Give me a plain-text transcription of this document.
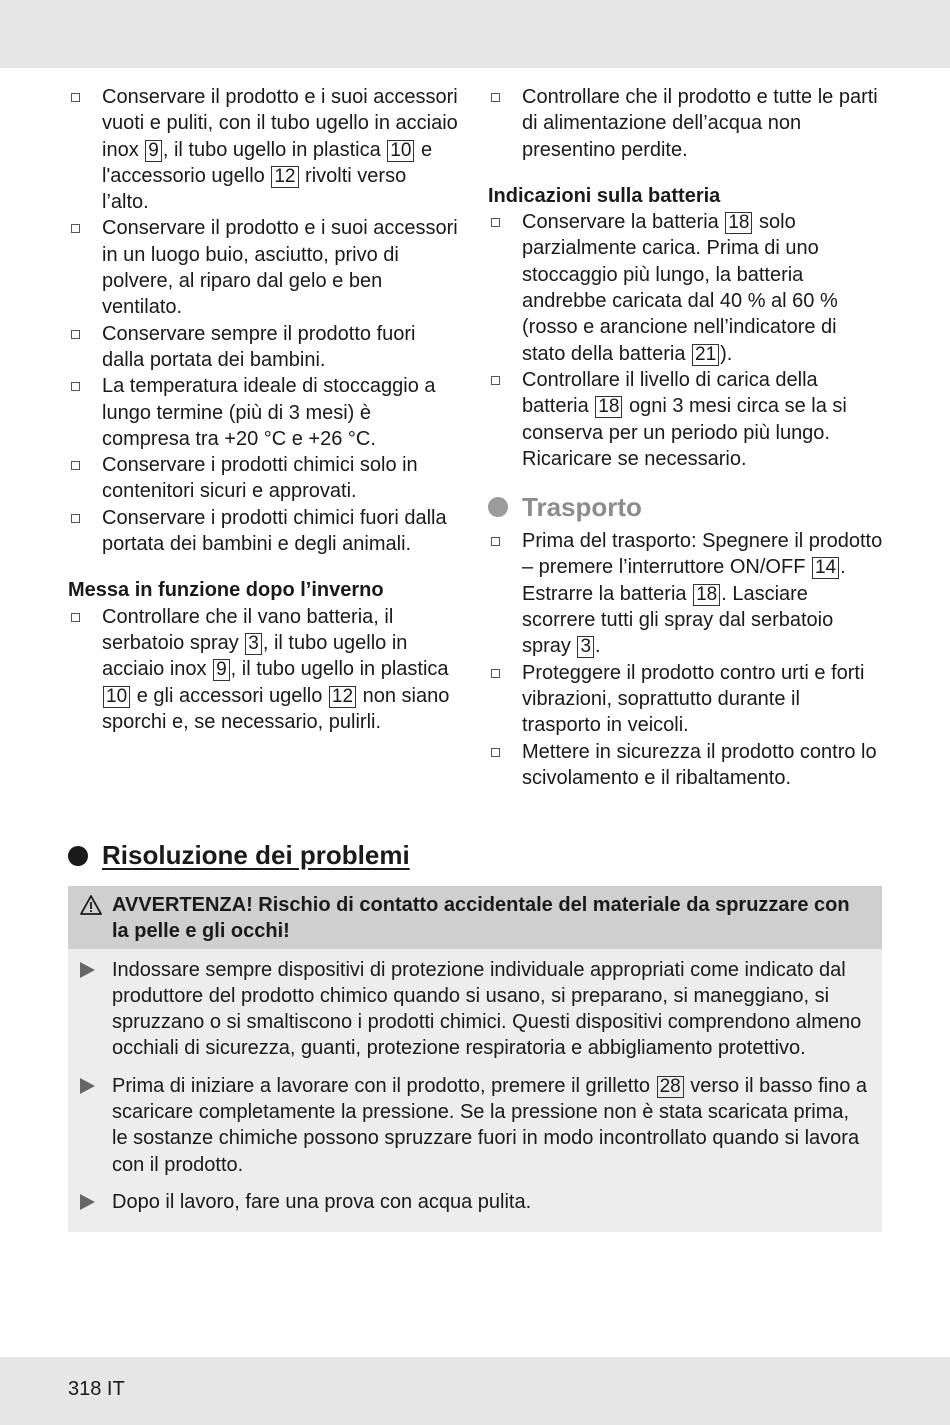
Conservare il prodotto e i suoi accessori vuoti e puliti, con il tubo ugello in acciaio inox 9 , il tubo ugello in plastica 10 e l'accessorio ugello 12 rivolti verso l’alto.
Conservare il prodotto e i suoi accessori in un luogo buio, asciutto, privo di polvere, al riparo dal gelo e ben ventilato.
Conservare sempre il prodotto fuori dalla portata dei bambini.
La temperatura ideale di stoccaggio a lungo termine (più di 3 mesi) è compresa tra +20 °C e +26 °C.
Conservare i prodotti chimici solo in contenitori sicuri e approvati.
Conservare i prodotti chimici fuori dalla portata dei bambini e degli animali.

Messa in funzione dopo l’inverno

Controllare che il vano batteria, il serbatoio spray 3 , il tubo ugello in acciaio inox 9 , il tubo ugello in plastica 10 e gli accessori ugello 12 non siano sporchi e, se necessario, pulirli.
Controllare che il prodotto e tutte le parti di alimentazione dell’acqua non presentino perdite.

Indicazioni sulla batteria

Conservare la batteria 18 solo parzialmente carica. Prima di uno stoccaggio più lungo, la batteria andrebbe caricata dal 40 % al 60 % (rosso e arancione nell’indicatore di stato della batteria 21 ).
Controllare il livello di carica della batteria 18 ogni 3 mesi circa se la si conserva per un periodo più lungo. Ricaricare se necessario.
Trasporto
Prima del trasporto: Spegnere il prodotto – premere l’interruttore ON/OFF 14 . Estrarre la batteria 18 . Lasciare scorrere tutti gli spray dal serbatoio spray 3 .
Proteggere il prodotto contro urti e forti vibrazioni, soprattutto durante il trasporto in veicoli.
Mettere in sicurezza il prodotto contro lo scivolamento e il ribaltamento.
Risoluzione dei problemi
AVVERTENZA! Rischio di contatto accidentale del materiale da spruzzare con la pelle e gli occhi!
Indossare sempre dispositivi di protezione individuale appropriati come indicato dal produttore del prodotto chimico quando si usano, si preparano, si maneggiano, si spruzzano o si smaltiscono i prodotti chimici. Questi dispositivi comprendono almeno occhiali di sicurezza, guanti, protezione respiratoria e abbigliamento protettivo.
Prima di iniziare a lavorare con il prodotto, premere il grilletto 28 verso il basso fino a scaricare completamente la pressione. Se la pressione non è stata scaricata prima, le sostanze chimiche possono spruzzare fuori in modo incontrollato quando si lavora con il prodotto.
Dopo il lavoro, fare una prova con acqua pulita.
318 IT
